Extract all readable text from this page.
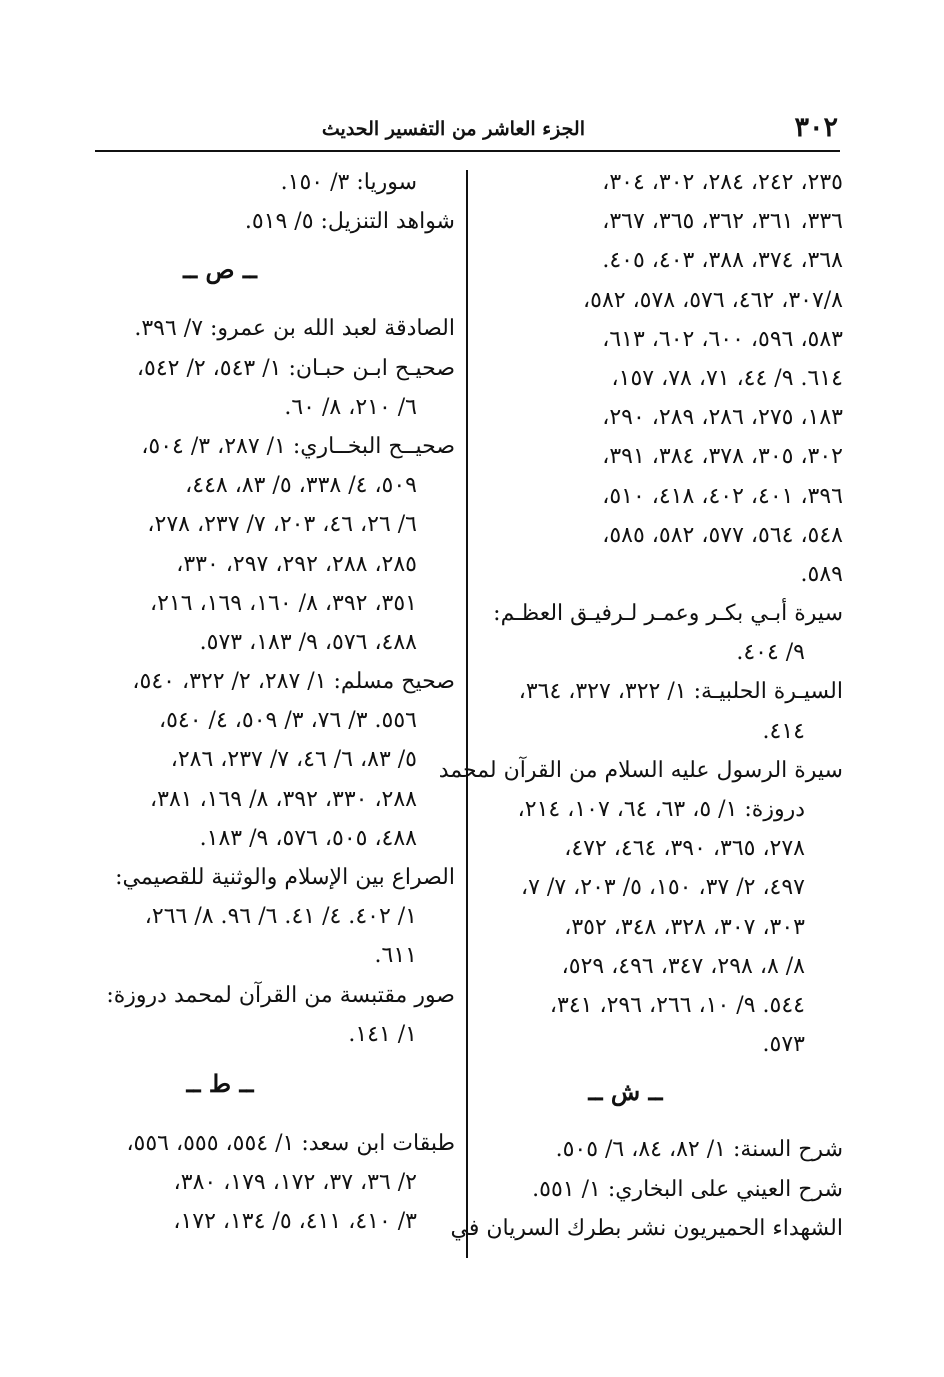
٣٠٢
الجزء العاشر من التفسير الحديث
٢٣٥، ٢٤٢، ٢٨٤، ٣٠٢، ٣٠٤،
٣٣٦، ٣٦١، ٣٦٢، ٣٦٥، ٣٦٧،
٣٦٨، ٣٧٤، ٣٨٨، ٤٠٣، ٤٠٥.
٣٠٧/٨، ٤٦٢، ٥٧٦، ٥٧٨، ٥٨٢،
٥٨٣، ٥٩٦، ٦٠٠، ٦٠٢، ٦١٣،
٦١٤. ٩/ ٤٤، ٧١، ٧٨، ١٥٧،
١٨٣، ٢٧٥، ٢٨٦، ٢٨٩، ٢٩٠،
٣٠٢، ٣٠٥، ٣٧٨، ٣٨٤، ٣٩١،
٣٩٦، ٤٠١، ٤٠٢، ٤١٨، ٥١٠،
٥٤٨، ٥٦٤، ٥٧٧، ٥٨٢، ٥٨٥،
٥٨٩.
سيرة أبـي بكـر وعمـر لـرفيـق العظـم:
٩/ ٤٠٤.
السيـرة الحلبيـة: ١/ ٣٢٢، ٣٢٧، ٣٦٤،
٤١٤.
سيرة الرسول عليه السلام من القرآن لمحمد
دروزة: ١/ ٥، ٦٣، ٦٤، ١٠٧، ٢١٤،
٢٧٨، ٣٦٥، ٣٩٠، ٤٦٤، ٤٧٢،
٤٩٧، ٢/ ٣٧، ١٥٠، ٥/ ٢٠٣، ٧/ ٧،
٣٠٣، ٣٠٧، ٣٢٨، ٣٤٨، ٣٥٢،
٨/ ٨، ٢٩٨، ٣٤٧، ٤٩٦، ٥٢٩،
٥٤٤. ٩/ ١٠، ٢٦٦، ٢٩٦، ٣٤١،
٥٧٣.
ــ ش ــ
شرح السنة: ١/ ٨٢، ٨٤، ٦/ ٥٠٥.
شرح العيني على البخاري: ١/ ٥٥١.
الشهداء الحميريون نشر بطرك السريان في
سوريا: ٣/ ١٥٠.
شواهد التنزيل: ٥/ ٥١٩.
ــ ص ــ
الصادقة لعبد الله بن عمرو: ٧/ ٣٩٦.
صحيـح ابـن حبـان: ١/ ٥٤٣، ٢/ ٥٤٢،
٦/ ٢١٠، ٨/ ٦٠.
صحيــح البخــاري: ١/ ٢٨٧، ٣/ ٥٠٤،
٥٠٩، ٤/ ٣٣٨، ٥/ ٨٣، ٤٤٨،
٦/ ٢٦، ٤٦، ٢٠٣، ٧/ ٢٣٧، ٢٧٨،
٢٨٥، ٢٨٨، ٢٩٢، ٢٩٧، ٣٣٠،
٣٥١، ٣٩٢، ٨/ ١٦٠، ١٦٩، ٢١٦،
٤٨٨، ٥٧٦، ٩/ ١٨٣، ٥٧٣.
صحيح مسلم: ١/ ٢٨٧، ٢/ ٣٢٢، ٥٤٠،
٥٥٦. ٣/ ٧٦، ٣/ ٥٠٩، ٤/ ٥٤٠،
٥/ ٨٣، ٦/ ٤٦، ٧/ ٢٣٧، ٢٨٦،
٢٨٨، ٣٣٠، ٣٩٢، ٨/ ١٦٩، ٣٨١،
٤٨٨، ٥٠٥، ٥٧٦، ٩/ ١٨٣.
الصراع بين الإسلام والوثنية للقصيمي:
١/ ٤٠٢. ٤/ ٤١. ٦/ ٩٦. ٨/ ٢٦٦،
٦١١.
صور مقتبسة من القرآن لمحمد دروزة:
١/ ١٤١.
ــ ط ــ
طبقات ابن سعد: ١/ ٥٥٤، ٥٥٥، ٥٥٦،
٢/ ٣٦، ٣٧، ١٧٢، ١٧٩، ٣٨٠،
٣/ ٤١٠، ٤١١، ٥/ ١٣٤، ١٧٢،
